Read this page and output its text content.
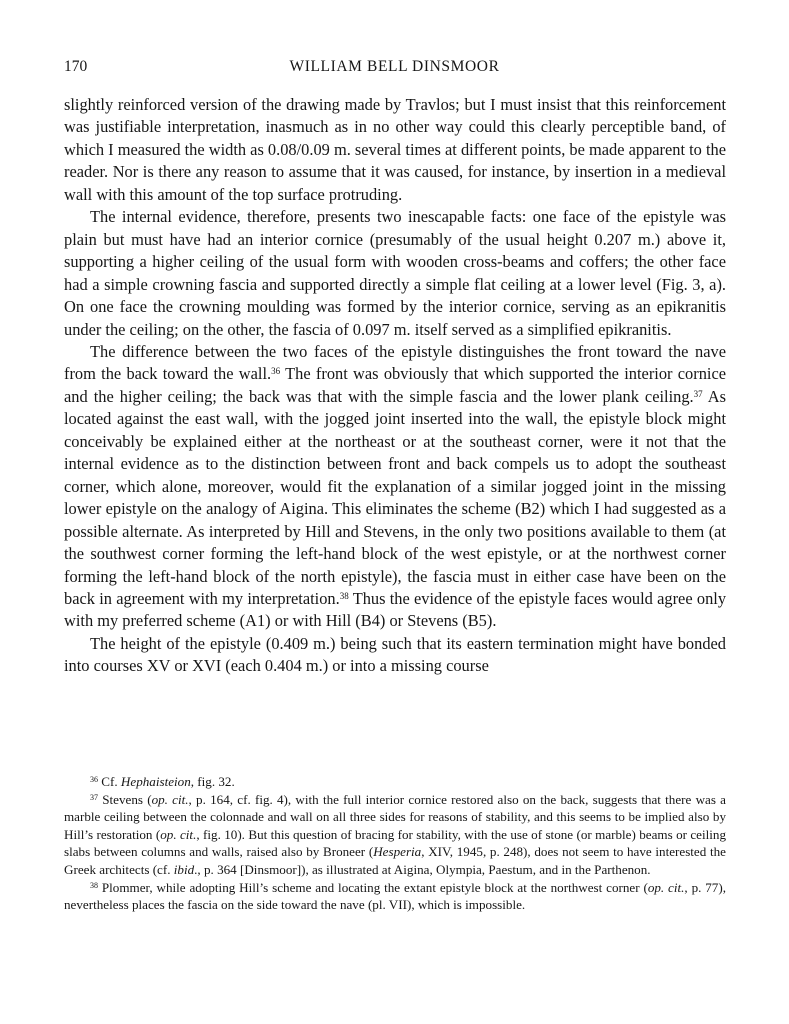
170	WILLIAM BELL DINSMOOR

slightly reinforced version of the drawing made by Travlos; but I must insist that this reinforcement was justifiable interpretation, inasmuch as in no other way could this clearly perceptible band, of which I measured the width as 0.08/0.09 m. several times at different points, be made apparent to the reader. Nor is there any reason to assume that it was caused, for instance, by insertion in a medieval wall with this amount of the top surface protruding.

The internal evidence, therefore, presents two inescapable facts: one face of the epistyle was plain but must have had an interior cornice (presumably of the usual height 0.207 m.) above it, supporting a higher ceiling of the usual form with wooden cross-beams and coffers; the other face had a simple crowning fascia and supported directly a simple flat ceiling at a lower level (Fig. 3, a). On one face the crowning moulding was formed by the interior cornice, serving as an epikranitis under the ceiling; on the other, the fascia of 0.097 m. itself served as a simplified epikranitis.

The difference between the two faces of the epistyle distinguishes the front toward the nave from the back toward the wall.$^{36}$ The front was obviously that which supported the interior cornice and the higher ceiling; the back was that with the simple fascia and the lower plank ceiling.$^{37}$ As located against the east wall, with the jogged joint inserted into the wall, the epistyle block might conceivably be explained either at the northeast or at the southeast corner, were it not that the internal evidence as to the distinction between front and back compels us to adopt the southeast corner, which alone, moreover, would fit the explanation of a similar jogged joint in the missing lower epistyle on the analogy of Aigina. This eliminates the scheme (B2) which I had suggested as a possible alternate. As interpreted by Hill and Stevens, in the only two positions available to them (at the southwest corner forming the left-hand block of the west epistyle, or at the northwest corner forming the left-hand block of the north epistyle), the fascia must in either case have been on the back in agreement with my interpretation.$^{38}$ Thus the evidence of the epistyle faces would agree only with my preferred scheme (A1) or with Hill (B4) or Stevens (B5).

The height of the epistyle (0.409 m.) being such that its eastern termination might have bonded into courses XV or XVI (each 0.404 m.) or into a missing course

$^{36}$ Cf. Hephaisteion, fig. 32.

$^{37}$ Stevens (op. cit., p. 164, cf. fig. 4), with the full interior cornice restored also on the back, suggests that there was a marble ceiling between the colonnade and wall on all three sides for reasons of stability, and this seems to be implied also by Hill’s restoration (op. cit., fig. 10). But this question of bracing for stability, with the use of stone (or marble) beams or ceiling slabs between columns and walls, raised also by Broneer (Hesperia, XIV, 1945, p. 248), does not seem to have interested the Greek architects (cf. ibid., p. 364 [Dinsmoor]), as illustrated at Aigina, Olympia, Paestum, and in the Parthenon.

$^{38}$ Plommer, while adopting Hill’s scheme and locating the extant epistyle block at the northwest corner (op. cit., p. 77), nevertheless places the fascia on the side toward the nave (pl. VII), which is impossible.
